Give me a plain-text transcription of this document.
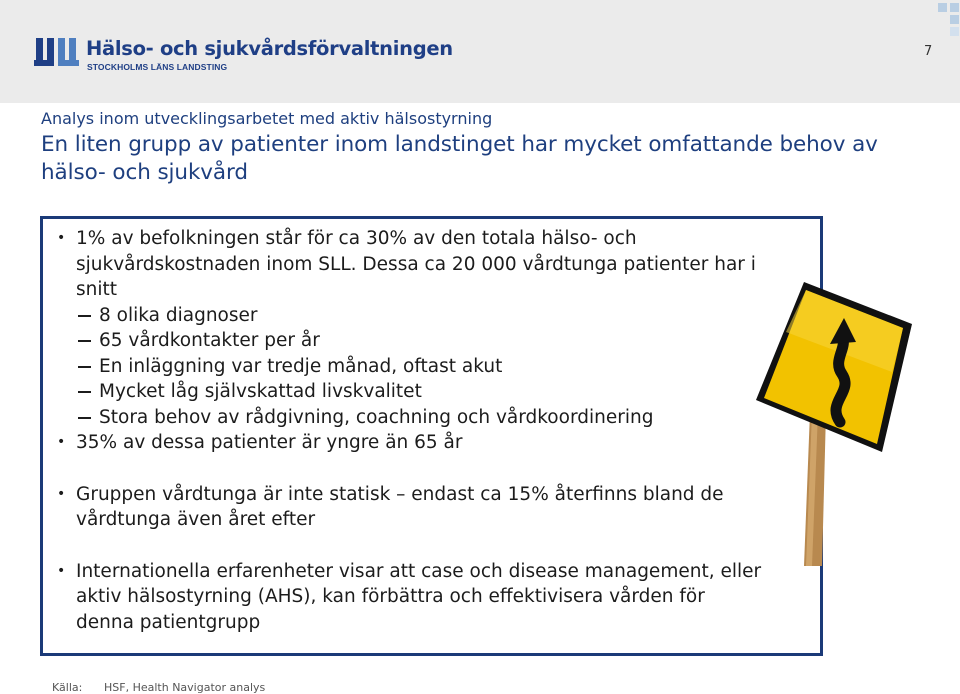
Hälso- och sjukvårdsförvaltningen
STOCKHOLMS LÄNS LANDSTING
7
Analys inom utvecklingsarbetet med aktiv hälsostyrning
En liten grupp av patienter inom landstinget har mycket omfattande behov av hälso- och sjukvård
• 1% av befolkningen står för ca 30% av den totala hälso- och sjukvårdskostnaden inom SLL. Dessa ca 20 000 vårdtunga patienter har i snitt
8 olika diagnoser
65 vårdkontakter per år
En inläggning var tredje månad, oftast akut
Mycket låg självskattad livskvalitet
Stora behov av rådgivning, coachning och vårdkoordinering
• 35% av dessa patienter är yngre än 65 år
• Gruppen vårdtunga är inte statisk – endast ca 15% återfinns bland de vårdtunga även året efter
• Internationella erfarenheter visar att case och disease management, eller aktiv hälsostyrning (AHS), kan förbättra och effektivisera vården för denna patientgrupp
Källa: HSF, Health Navigator analys
